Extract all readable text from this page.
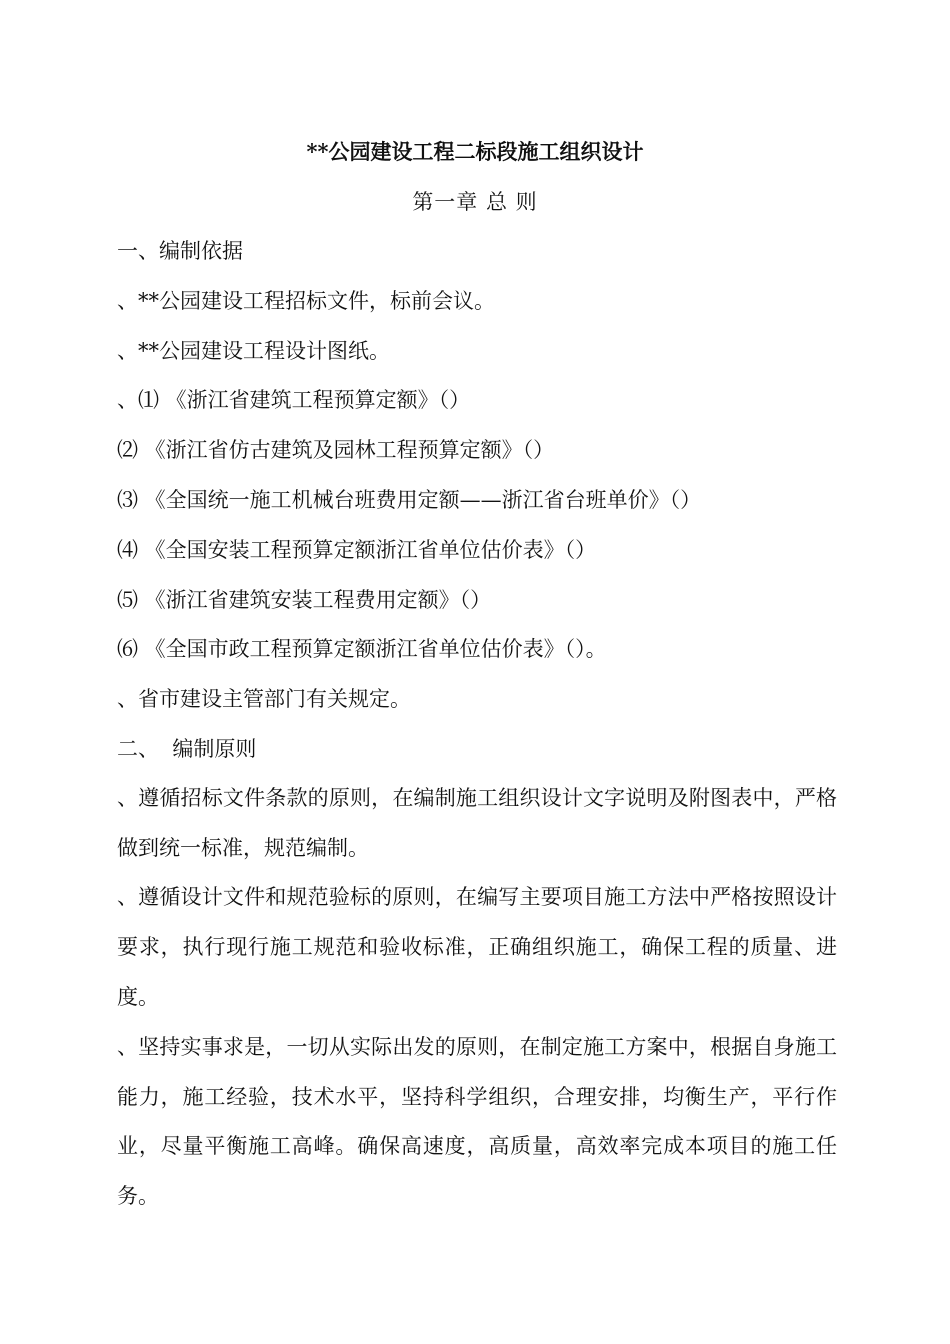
**公园建设工程二标段施工组织设计
第一章 总 则
一、编制依据
、**公园建设工程招标文件，标前会议。
、**公园建设工程设计图纸。
、⑴ 《浙江省建筑工程预算定额》（）
⑵ 《浙江省仿古建筑及园林工程预算定额》（）
⑶ 《全国统一施工机械台班费用定额——浙江省台班单价》（）
⑷ 《全国安装工程预算定额浙江省单位估价表》（）
⑸ 《浙江省建筑安装工程费用定额》（）
⑹ 《全国市政工程预算定额浙江省单位估价表》（）。
、省市建设主管部门有关规定。
二、  编制原则

、遵循招标文件条款的原则，在编制施工组织设计文字说明及附图表中，严格做到统一标准，规范编制。

、遵循设计文件和规范验标的原则，在编写主要项目施工方法中严格按照设计要求，执行现行施工规范和验收标准，正确组织施工，确保工程的质量、进度。

、坚持实事求是，一切从实际出发的原则，在制定施工方案中，根据自身施工能力，施工经验，技术水平，坚持科学组织，合理安排，均衡生产，平行作业，尽量平衡施工高峰。确保高速度，高质量，高效率完成本项目的施工任务。
